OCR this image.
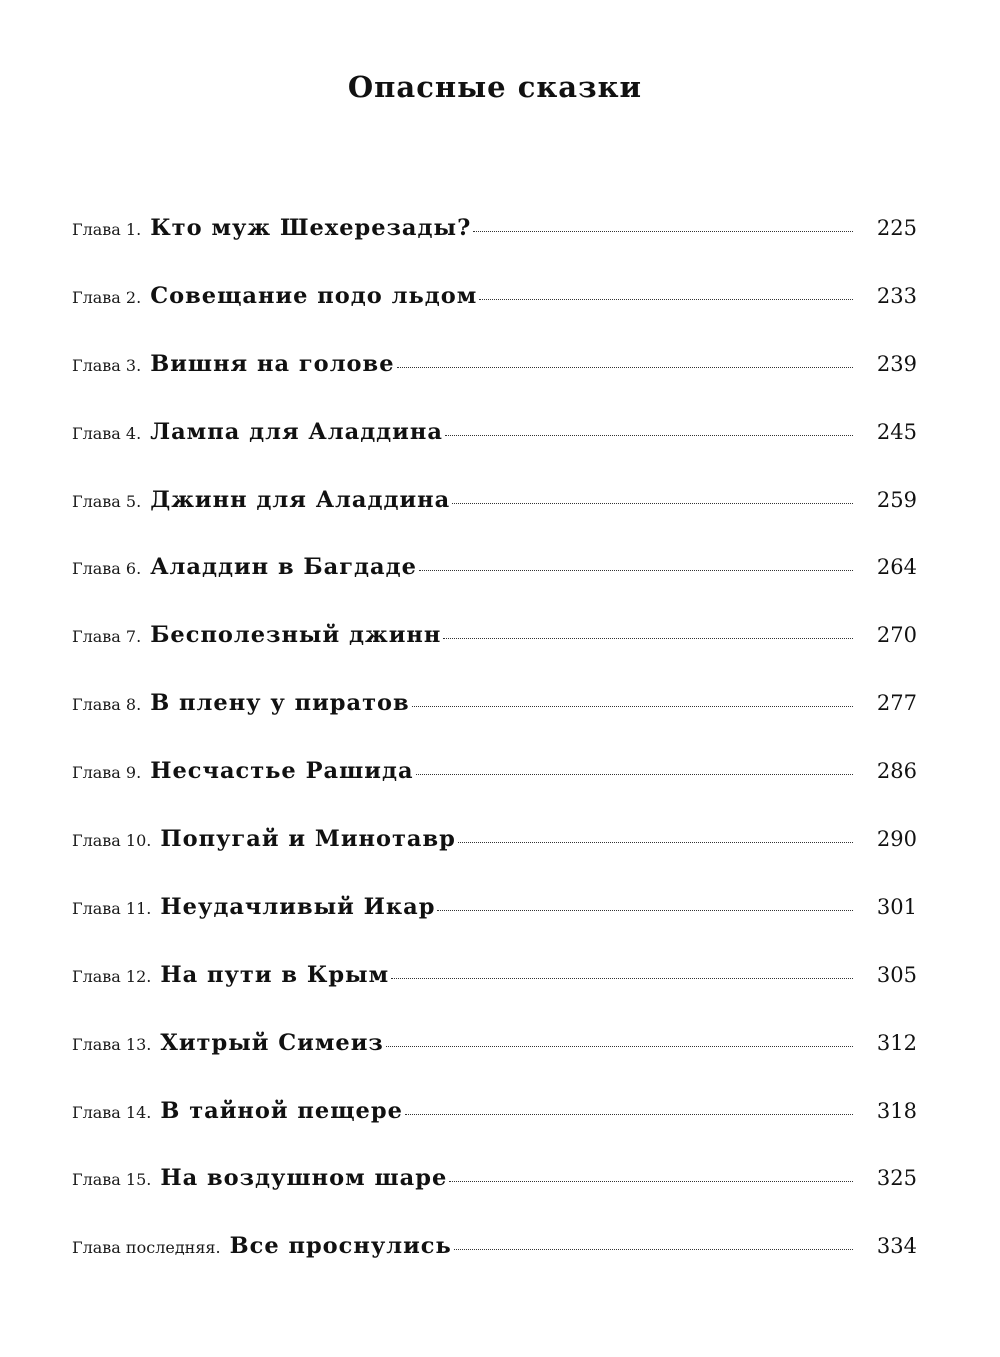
Опасные сказки
Глава 1. Кто муж Шехерезады?	225
Глава 2. Совещание подо льдом	233
Глава 3. Вишня на голове	239
Глава 4. Лампа для Аладдина	245
Глава 5. Джинн для Аладдина	259
Глава 6. Аладдин в Багдаде	264
Глава 7. Бесполезный джинн	270
Глава 8. В плену у пиратов	277
Глава 9. Несчастье Рашида	286
Глава 10. Попугай и Минотавр	290
Глава 11. Неудачливый Икар	301
Глава 12. На пути в Крым	305
Глава 13. Хитрый Симеиз	312
Глава 14. В тайной пещере	318
Глава 15. На воздушном шаре	325
Глава последняя. Все проснулись	334
